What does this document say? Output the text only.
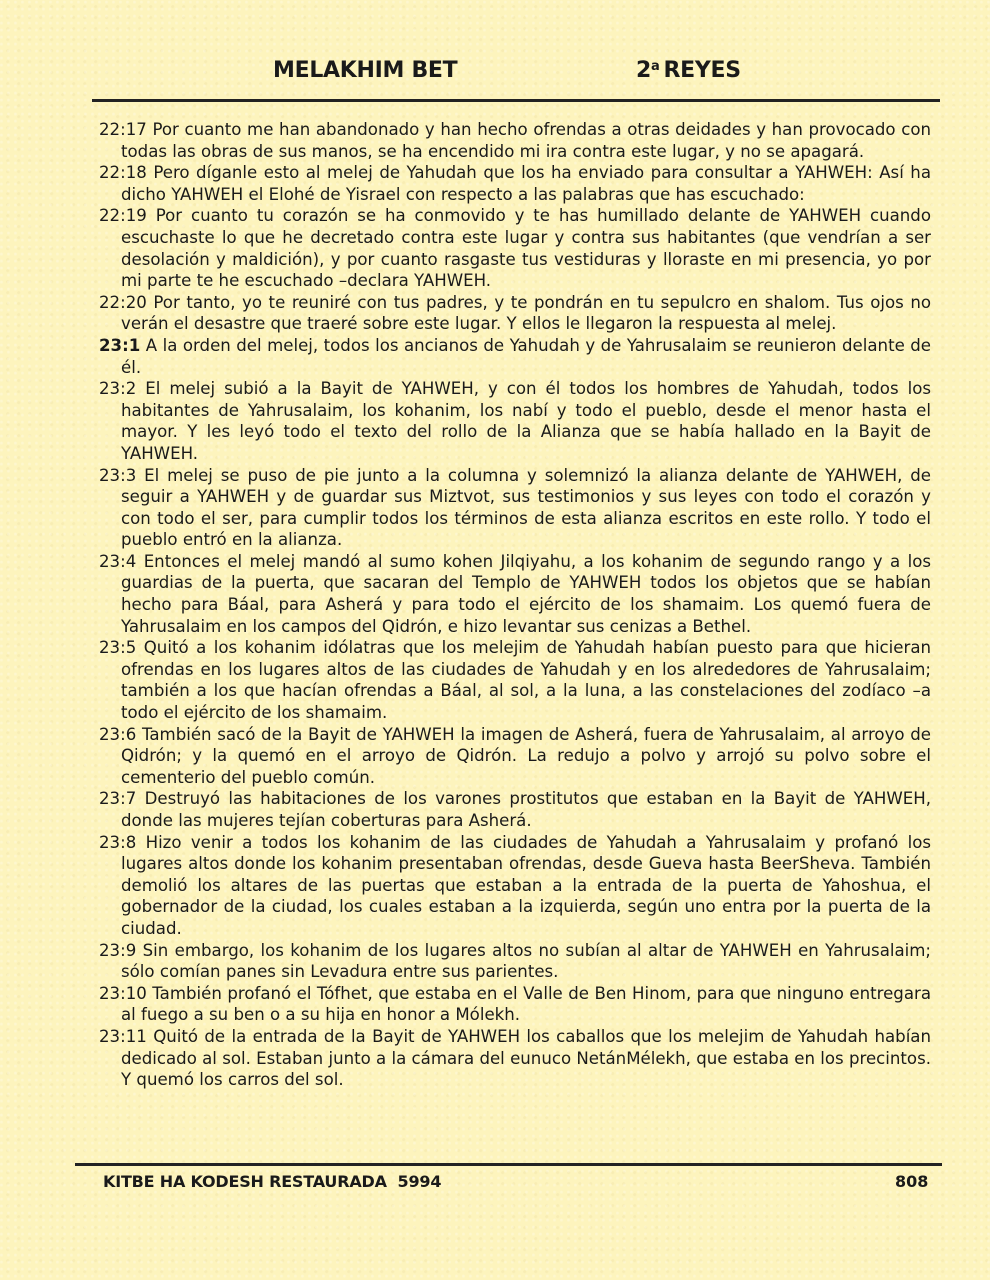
MELAKHIM BET	2$^a$ REYES

22:17 Por cuanto me han abandonado y han hecho ofrendas a otras deidades y han provocado con todas las obras de sus manos, se ha encendido mi ira contra este lugar, y no se apagará.

22:18 Pero díganle esto al melej de Yahudah que los ha enviado para consultar a YAHWEH: Así ha dicho YAHWEH el Elohé de Yisrael con respecto a las palabras que has escuchado:

22:19 Por cuanto tu corazón se ha conmovido y te has humillado delante de YAHWEH cuando escuchaste lo que he decretado contra este lugar y contra sus habitantes (que vendrían a ser desolación y maldición), y por cuanto rasgaste tus vestiduras y lloraste en mi presencia, yo por mi parte te he escuchado –declara YAHWEH.

22:20 Por tanto, yo te reuniré con tus padres, y te pondrán en tu sepulcro en shalom. Tus ojos no verán el desastre que traeré sobre este lugar. Y ellos le llegaron la respuesta al melej.

23:1 A la orden del melej, todos los ancianos de Yahudah y de Yahrusalaim se reunieron delante de él.

23:2 El melej subió a la Bayit de YAHWEH, y con él todos los hombres de Yahudah, todos los habitantes de Yahrusalaim, los kohanim, los nabí y todo el pueblo, desde el menor hasta el mayor. Y les leyó todo el texto del rollo de la Alianza que se había hallado en la Bayit de YAHWEH.

23:3 El melej se puso de pie junto a la columna y solemnizó la alianza delante de YAHWEH, de seguir a YAHWEH y de guardar sus Miztvot, sus testimonios y sus leyes con todo el corazón y con todo el ser, para cumplir todos los términos de esta alianza escritos en este rollo. Y todo el pueblo entró en la alianza.

23:4 Entonces el melej mandó al sumo kohen Jilqiyahu, a los kohanim de segundo rango y a los guardias de la puerta, que sacaran del Templo de YAHWEH todos los objetos que se habían hecho para Báal, para Asherá y para todo el ejército de los shamaim. Los quemó fuera de Yahrusalaim en los campos del Qidrón, e hizo levantar sus cenizas a Bethel.

23:5 Quitó a los kohanim idólatras que los melejim de Yahudah habían puesto para que hicieran ofrendas en los lugares altos de las ciudades de Yahudah y en los alrededores de Yahrusalaim; también a los que hacían ofrendas a Báal, al sol, a la luna, a las constelaciones del zodíaco –a todo el ejército de los shamaim.

23:6 También sacó de la Bayit de YAHWEH la imagen de Asherá, fuera de Yahrusalaim, al arroyo de Qidrón; y la quemó en el arroyo de Qidrón. La redujo a polvo y arrojó su polvo sobre el cementerio del pueblo común.

23:7 Destruyó las habitaciones de los varones prostitutos que estaban en la Bayit de YAHWEH, donde las mujeres tejían coberturas para Asherá.

23:8 Hizo venir a todos los kohanim de las ciudades de Yahudah a Yahrusalaim y profanó los lugares altos donde los kohanim presentaban ofrendas, desde Gueva hasta BeerSheva. También demolió los altares de las puertas que estaban a la entrada de la puerta de Yahoshua, el gobernador de la ciudad, los cuales estaban a la izquierda, según uno entra por la puerta de la ciudad.

23:9 Sin embargo, los kohanim de los lugares altos no subían al altar de YAHWEH en Yahrusalaim; sólo comían panes sin Levadura entre sus parientes.

23:10 También profanó el Tófhet, que estaba en el Valle de Ben Hinom, para que ninguno entregara al fuego a su ben o a su hija en honor a Mólekh.

23:11 Quitó de la entrada de la Bayit de YAHWEH los caballos que los melejim de Yahudah habían dedicado al sol. Estaban junto a la cámara del eunuco NetánMélekh, que estaba en los precintos. Y quemó los carros del sol.

KITBE HA KODESH RESTAURADA  5994	808
